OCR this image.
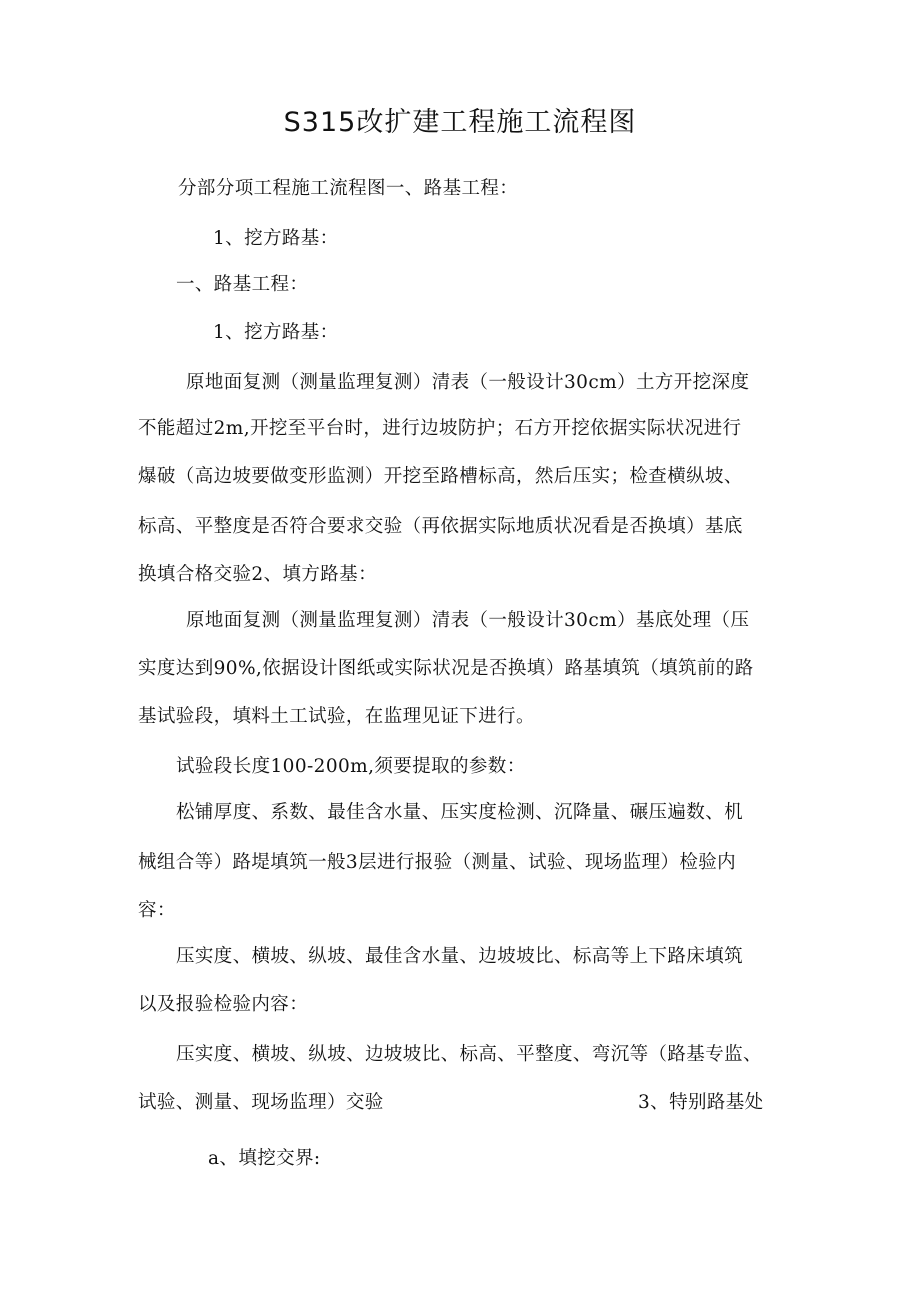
S315改扩建工程施工流程图
分部分项工程施工流程图一、路基工程：
1、挖方路基：
一、路基工程：
1、挖方路基：
原地面复测（测量监理复测）清表（一般设计30cm）土方开挖深度
不能超过2m,开挖至平台时，进行边坡防护；石方开挖依据实际状况进行
爆破（高边坡要做变形监测）开挖至路槽标高，然后压实；检查横纵坡、
标高、平整度是否符合要求交验（再依据实际地质状况看是否换填）基底
换填合格交验2、填方路基：
原地面复测（测量监理复测）清表（一般设计30cm）基底处理（压
实度达到90%,依据设计图纸或实际状况是否换填）路基填筑（填筑前的路
基试验段，填料土工试验，在监理见证下进行。
试验段长度100-200m,须要提取的参数：
松铺厚度、系数、最佳含水量、压实度检测、沉降量、碾压遍数、机
械组合等）路堤填筑一般3层进行报验（测量、试验、现场监理）检验内
容：
压实度、横坡、纵坡、最佳含水量、边坡坡比、标高等上下路床填筑
以及报验检验内容：
压实度、横坡、纵坡、边坡坡比、标高、平整度、弯沉等（路基专监、
试验、测量、现场监理）交验	3、特别路基处
a、填挖交界:
